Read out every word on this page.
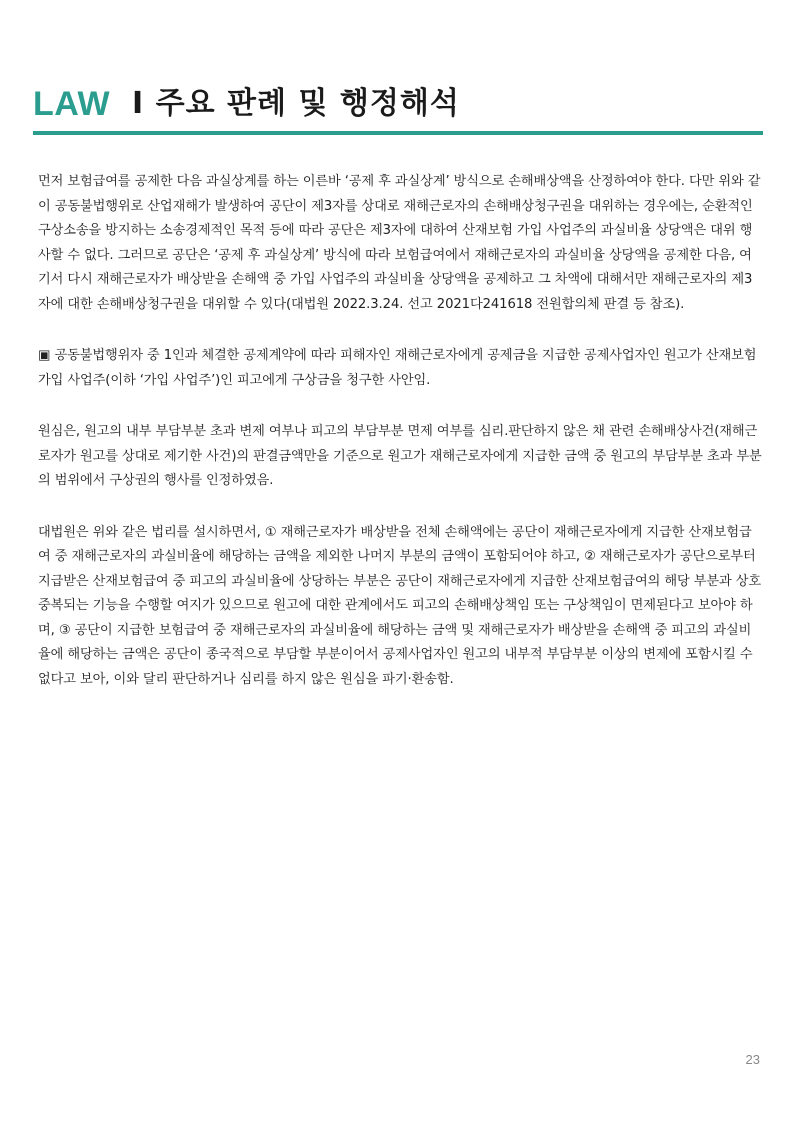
LAW I 주요 판례 및 행정해석

먼저 보험급여를 공제한 다음 과실상계를 하는 이른바 ‘공제 후 과실상계’ 방식으로 손해배상액을 산정하여야 한다. 다만 위와 같이 공동불법행위로 산업재해가 발생하여 공단이 제3자를 상대로 재해근로자의 손해배상청구권을 대위하는 경우에는, 순환적인 구상소송을 방지하는 소송경제적인 목적 등에 따라 공단은 제3자에 대하여 산재보험 가입 사업주의 과실비율 상당액은 대위 행사할 수 없다. 그러므로 공단은 ‘공제 후 과실상계’ 방식에 따라 보험급여에서 재해근로자의 과실비율 상당액을 공제한 다음, 여기서 다시 재해근로자가 배상받을 손해액 중 가입 사업주의 과실비율 상당액을 공제하고 그 차액에 대해서만 재해근로자의 제3자에 대한 손해배상청구권을 대위할 수 있다(대법원 2022.3.24. 선고 2021다241618 전원합의체 판결 등 참조).

▣ 공동불법행위자 중 1인과 체결한 공제계약에 따라 피해자인 재해근로자에게 공제금을 지급한 공제사업자인 원고가 산재보험 가입 사업주(이하 ‘가입 사업주’)인 피고에게 구상금을 청구한 사안임.

원심은, 원고의 내부 부담부분 초과 변제 여부나 피고의 부담부분 면제 여부를 심리.판단하지 않은 채 관련 손해배상사건(재해근로자가 원고를 상대로 제기한 사건)의 판결금액만을 기준으로 원고가 재해근로자에게 지급한 금액 중 원고의 부담부분 초과 부분의 범위에서 구상권의 행사를 인정하였음.

대법원은 위와 같은 법리를 설시하면서, ① 재해근로자가 배상받을 전체 손해액에는 공단이 재해근로자에게 지급한 산재보험급여 중 재해근로자의 과실비율에 해당하는 금액을 제외한 나머지 부분의 금액이 포함되어야 하고, ② 재해근로자가 공단으로부터 지급받은 산재보험급여 중 피고의 과실비율에 상당하는 부분은 공단이 재해근로자에게 지급한 산재보험급여의 해당 부분과 상호 중복되는 기능을 수행할 여지가 있으므로 원고에 대한 관계에서도 피고의 손해배상책임 또는 구상책임이 면제된다고 보아야 하며, ③ 공단이 지급한 보험급여 중 재해근로자의 과실비율에 해당하는 금액 및 재해근로자가 배상받을 손해액 중 피고의 과실비율에 해당하는 금액은 공단이 종국적으로 부담할 부분이어서 공제사업자인 원고의 내부적 부담부분 이상의 변제에 포함시킬 수 없다고 보아, 이와 달리 판단하거나 심리를 하지 않은 원심을 파기·환송함.

23
